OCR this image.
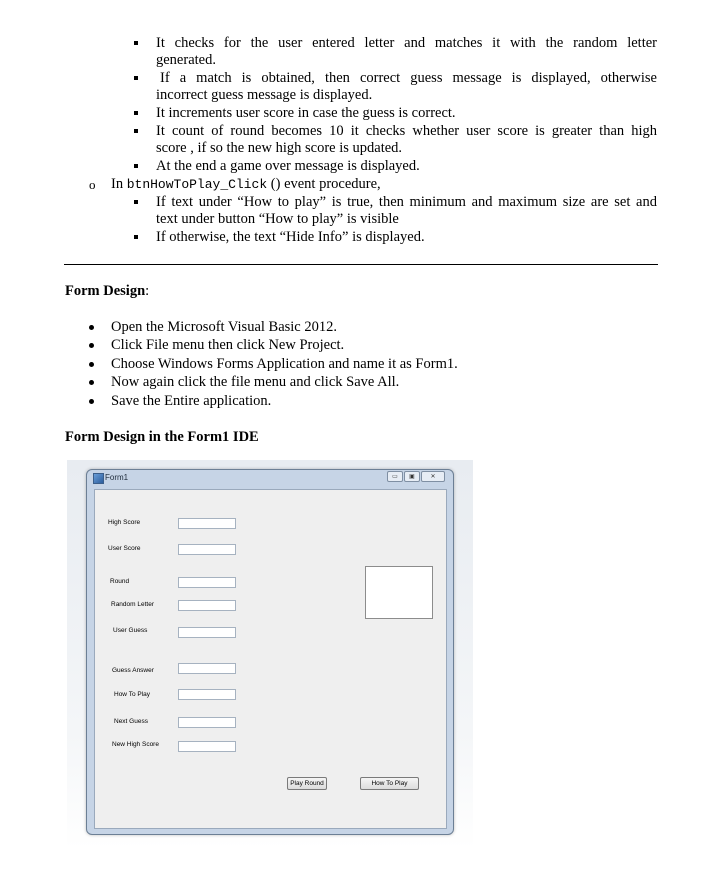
It checks for the user entered letter and matches it with the random letter
generated.
If a match is obtained, then correct guess message is displayed, otherwise
incorrect guess message is displayed.
It increments user score in case the guess is correct.
It count of round becomes 10 it checks whether user score is greater than high
score , if so the new high score is updated.
At the end a game over message is displayed.
o In btnHowToPlay_Click () event procedure,
If text under “How to play” is true, then minimum and maximum size are set and
text under button “How to play” is visible
If otherwise, the text “Hide Info” is displayed.
Form Design:
Open the Microsoft Visual Basic 2012.
Click File menu then click New Project.
Choose Windows Forms Application and name it as Form1.
Now again click the file menu and click Save All.
Save the Entire application.
Form Design in the Form1 IDE
Form1	▭	▣	✕
High Score
User Score
Round
Random Letter
User Guess
Guess Answer
How To Play
Next Guess
New High Score
Play Round	How To Play
